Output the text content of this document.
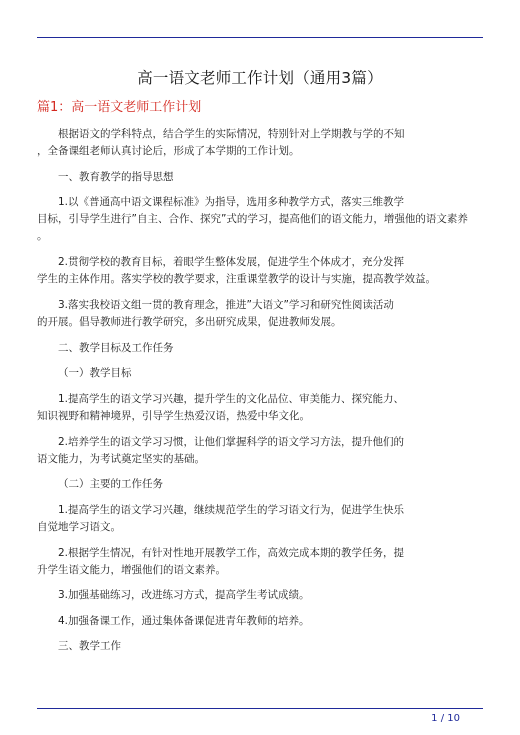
高一语文老师工作计划（通用3篇）
篇1：高一语文老师工作计划

根据语文的学科特点，结合学生的实际情况，特别针对上学期教与学的不知
，全备课组老师认真讨论后，形成了本学期的工作计划。

一、教育教学的指导思想

1.以《普通高中语文课程标准》为指导，选用多种教学方式，落实三维教学
目标，引导学生进行”自主、合作、探究”式的学习，提高他们的语文能力，增强他的语文素养
。

2.贯彻学校的教育目标，着眼学生整体发展，促进学生个体成才，充分发挥
学生的主体作用。落实学校的教学要求，注重课堂教学的设计与实施，提高教学效益。

3.落实我校语文组一贯的教育理念，推进”大语文”学习和研究性阅读活动
的开展。倡导教师进行教学研究，多出研究成果，促进教师发展。

二、教学目标及工作任务

（一）教学目标

1.提高学生的语文学习兴趣，提升学生的文化品位、审美能力、探究能力、
知识视野和精神境界，引导学生热爱汉语，热爱中华文化。

2.培养学生的语文学习习惯，让他们掌握科学的语文学习方法，提升他们的
语文能力，为考试奠定坚实的基础。

（二）主要的工作任务

1.提高学生的语文学习兴趣，继续规范学生的学习语文行为，促进学生快乐
自觉地学习语文。

2.根据学生情况，有针对性地开展教学工作，高效完成本期的教学任务，提
升学生语文能力，增强他们的语文素养。

3.加强基础练习，改进练习方式，提高学生考试成绩。

4.加强备课工作，通过集体备课促进青年教师的培养。

三、教学工作

1 / 10
